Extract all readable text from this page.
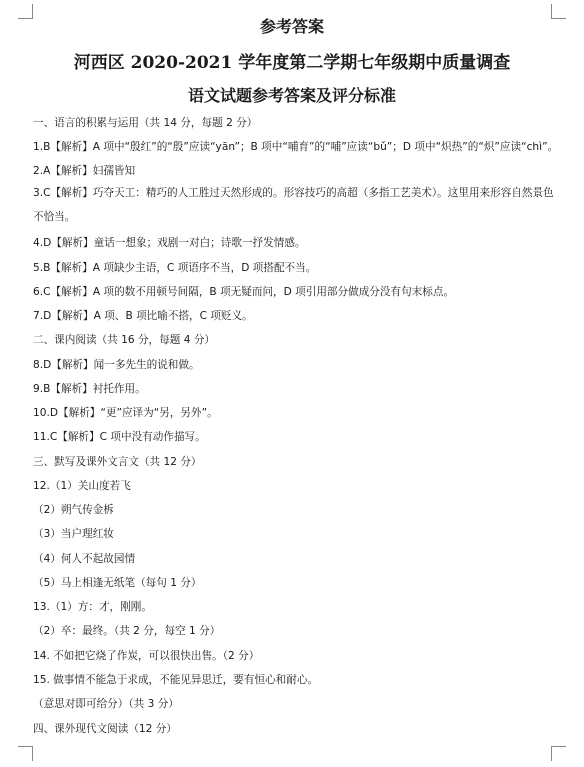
参考答案
河西区 2020-2021 学年度第二学期七年级期中质量调查
语文试题参考答案及评分标准
一、语言的积累与运用（共 14 分，每题 2 分）
1.B【解析】A 项中“殷红”的“殷”应读“yān”；B 项中“哺育”的“哺”应读“bǔ”；D 项中“炽热”的“炽”应读“chì”。
2.A【解析】妇孺皆知
3.C【解析】巧夺天工：精巧的人工胜过天然形成的。形容技巧的高超（多指工艺美术）。这里用来形容自然景色不恰当。
4.D【解析】童话一想象；戏剧一对白；诗歌一抒发情感。
5.B【解析】A 项缺少主语，C 项语序不当，D 项搭配不当。
6.C【解析】A 项的数不用顿号间隔，B 项无疑而问，D 项引用部分做成分没有句末标点。
7.D【解析】A 项、B 项比喻不搭，C 项贬义。
二、课内阅读（共 16 分，每题 4 分）
8.D【解析】闻一多先生的说和做。
9.B【解析】衬托作用。
10.D【解析】“更”应译为“另，另外”。
11.C【解析】C 项中没有动作描写。
三、默写及课外文言文（共 12 分）
12.（1）关山度若飞
（2）朔气传金柝
（3）当户理红妆
（4）何人不起故园情
（5）马上相逢无纸笔（每句 1 分）
13.（1）方：才，刚刚。
（2）卒：最终。（共 2 分，每空 1 分）
14. 不如把它烧了作炭，可以很快出售。（2 分）
15. 做事情不能急于求成，不能见异思迁，要有恒心和耐心。
（意思对即可给分）（共 3 分）
四、课外现代文阅读（12 分）
